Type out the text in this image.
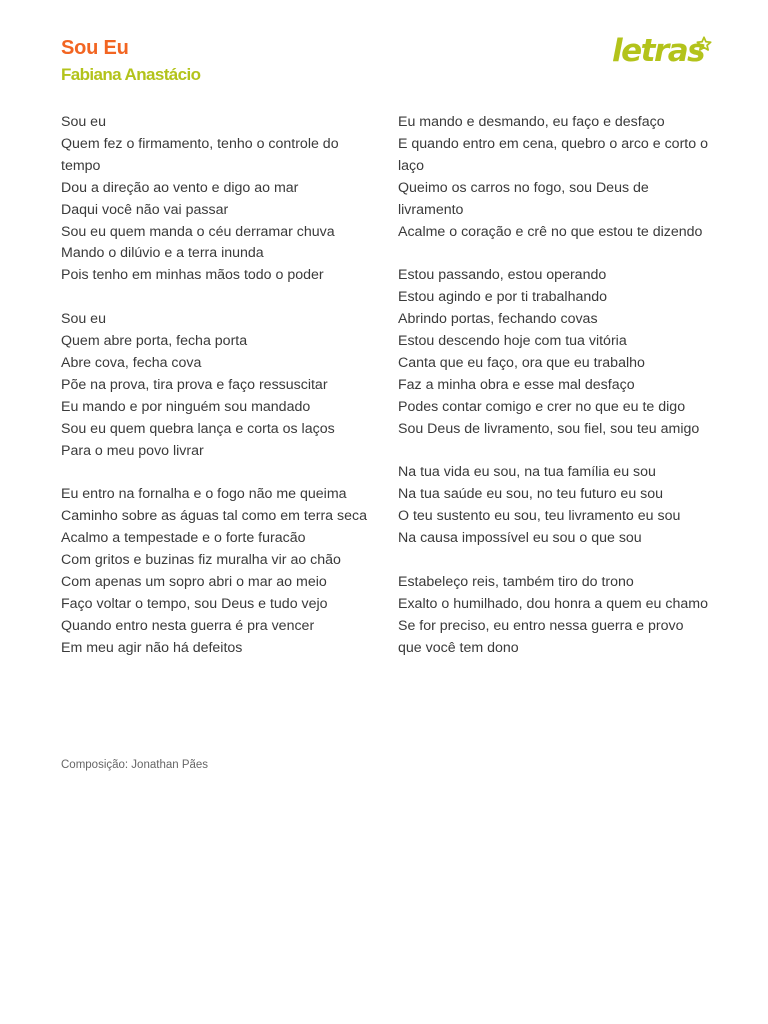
Sou Eu
Fabiana Anastácio
letras

Sou eu
Quem fez o firmamento, tenho o controle do tempo
Dou a direção ao vento e digo ao mar
Daqui você não vai passar
Sou eu quem manda o céu derramar chuva
Mando o dilúvio e a terra inunda
Pois tenho em minhas mãos todo o poder

Sou eu
Quem abre porta, fecha porta
Abre cova, fecha cova
Põe na prova, tira prova e faço ressuscitar
Eu mando e por ninguém sou mandado
Sou eu quem quebra lança e corta os laços
Para o meu povo livrar

Eu entro na fornalha e o fogo não me queima
Caminho sobre as águas tal como em terra seca
Acalmo a tempestade e o forte furacão
Com gritos e buzinas fiz muralha vir ao chão
Com apenas um sopro abri o mar ao meio
Faço voltar o tempo, sou Deus e tudo vejo
Quando entro nesta guerra é pra vencer
Em meu agir não há defeitos

Eu mando e desmando, eu faço e desfaço
E quando entro em cena, quebro o arco e corto o laço
Queimo os carros no fogo, sou Deus de livramento
Acalme o coração e crê no que estou te dizendo

Estou passando, estou operando
Estou agindo e por ti trabalhando
Abrindo portas, fechando covas
Estou descendo hoje com tua vitória
Canta que eu faço, ora que eu trabalho
Faz a minha obra e esse mal desfaço
Podes contar comigo e crer no que eu te digo
Sou Deus de livramento, sou fiel, sou teu amigo

Na tua vida eu sou, na tua família eu sou
Na tua saúde eu sou, no teu futuro eu sou
O teu sustento eu sou, teu livramento eu sou
Na causa impossível eu sou o que sou

Estabeleço reis, também tiro do trono
Exalto o humilhado, dou honra a quem eu chamo
Se for preciso, eu entro nessa guerra e provo que você tem dono

Composição: Jonathan Pães
